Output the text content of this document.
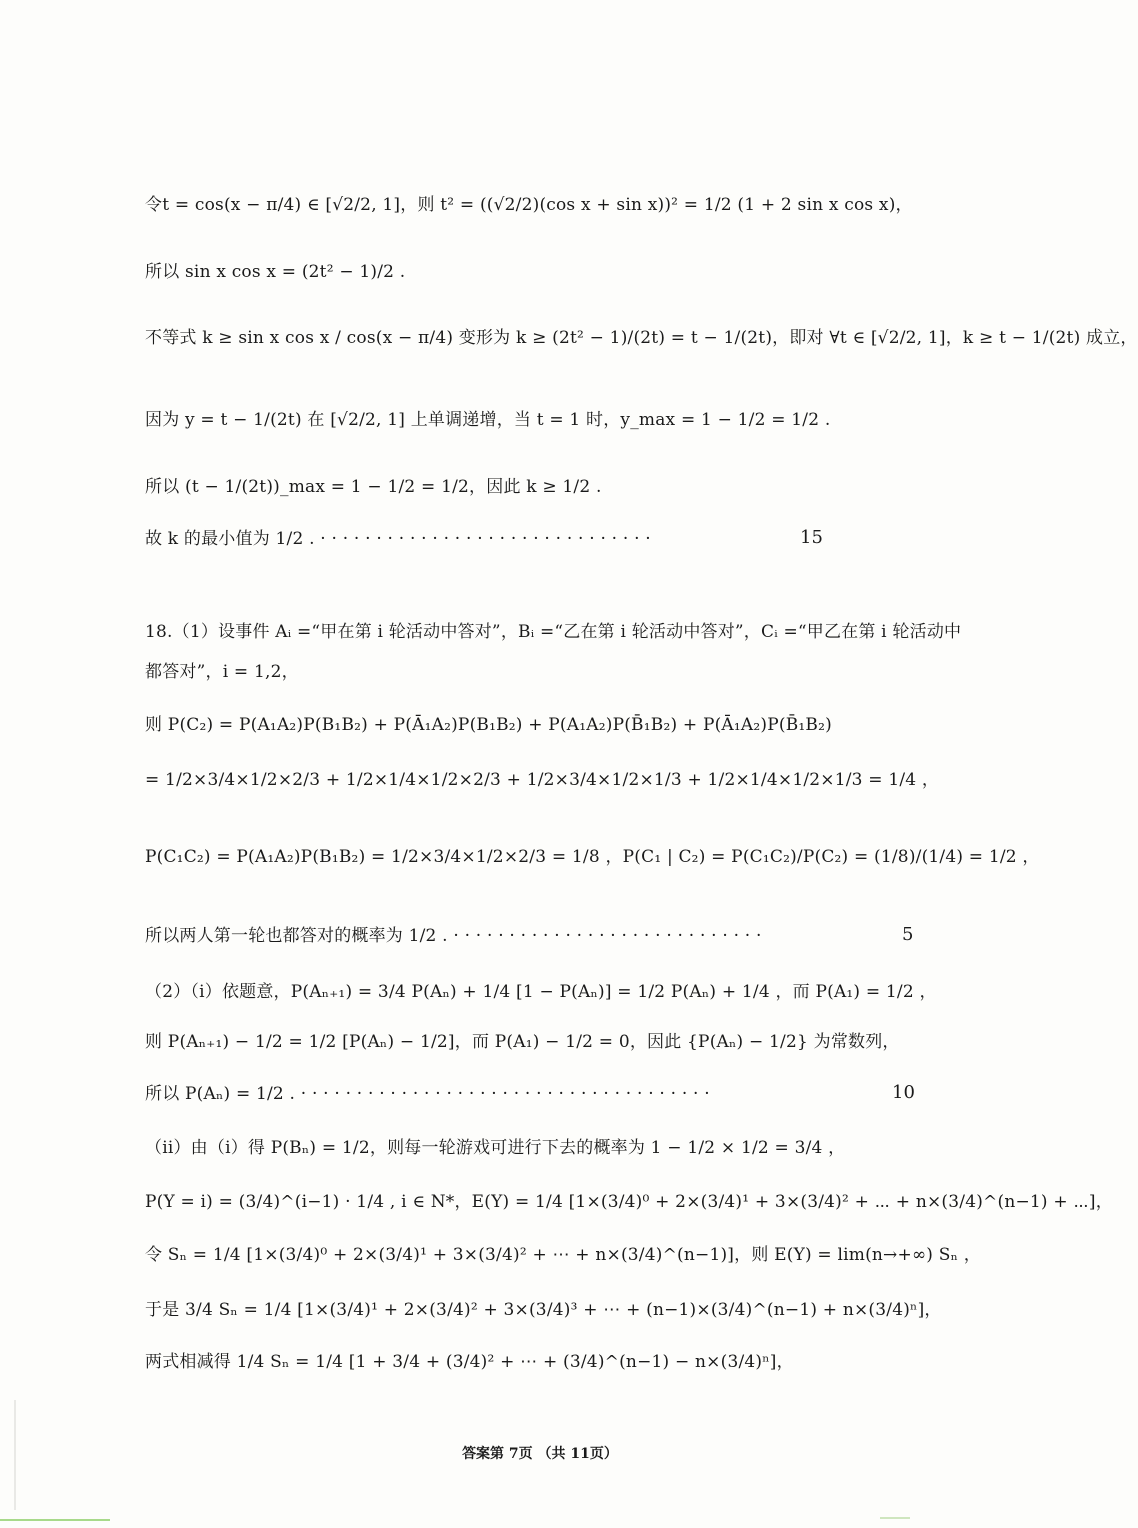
令t = cos(x − π/4) ∈ [√2/2, 1]，则 t² = ((√2/2)(cos x + sin x))² = 1/2 (1 + 2 sin x cos x)，
所以 sin x cos x = (2t² − 1)/2 .
不等式 k ≥ sin x cos x / cos(x − π/4) 变形为 k ≥ (2t² − 1)/(2t) = t − 1/(2t)，即对 ∀t ∈ [√2/2, 1]，k ≥ t − 1/(2t) 成立，
因为 y = t − 1/(2t) 在 [√2/2, 1] 上单调递增，当 t = 1 时，y_max = 1 − 1/2 = 1/2 .
所以 (t − 1/(2t))_max = 1 − 1/2 = 1/2，因此 k ≥ 1/2 .
故 k 的最小值为 1/2 . · · · · · · · · · · · · · · · · · · · · · · · · · · · · · ·	15
18.（1）设事件 Aᵢ =“甲在第 i 轮活动中答对”，Bᵢ =“乙在第 i 轮活动中答对”，Cᵢ =“甲乙在第 i 轮活动中都答对”，i = 1,2，
则 P(C₂) = P(A₁A₂)P(B₁B₂) + P(Ā₁A₂)P(B₁B₂) + P(A₁A₂)P(B̄₁B₂) + P(Ā₁A₂)P(B̄₁B₂)
= 1/2×3/4×1/2×2/3 + 1/2×1/4×1/2×2/3 + 1/2×3/4×1/2×1/3 + 1/2×1/4×1/2×1/3 = 1/4 ，
P(C₁C₂) = P(A₁A₂)P(B₁B₂) = 1/2×3/4×1/2×2/3 = 1/8 ，P(C₁ | C₂) = P(C₁C₂)/P(C₂) = (1/8)/(1/4) = 1/2 ，
所以两人第一轮也都答对的概率为 1/2 . · · · · · · · · · · · · · · · · · · · · · · · · · · · ·	5
（2）（i）依题意，P(Aₙ₊₁) = 3/4 P(Aₙ) + 1/4 [1 − P(Aₙ)] = 1/2 P(Aₙ) + 1/4 ，而 P(A₁) = 1/2 ，
则 P(Aₙ₊₁) − 1/2 = 1/2 [P(Aₙ) − 1/2]，而 P(A₁) − 1/2 = 0，因此 {P(Aₙ) − 1/2} 为常数列，
所以 P(Aₙ) = 1/2 . · · · · · · · · · · · · · · · · · · · · · · · · · · · · · · · · · · · · ·	10
（ii）由（i）得 P(Bₙ) = 1/2，则每一轮游戏可进行下去的概率为 1 − 1/2 × 1/2 = 3/4 ，
P(Y = i) = (3/4)^(i−1) · 1/4 , i ∈ N*，E(Y) = 1/4 [1×(3/4)⁰ + 2×(3/4)¹ + 3×(3/4)² + ⋯ + n×(3/4)^(n−1) + ⋯]，
令 Sₙ = 1/4 [1×(3/4)⁰ + 2×(3/4)¹ + 3×(3/4)² + ⋯ + n×(3/4)^(n−1)]，则 E(Y) = lim(n→+∞) Sₙ ，
于是 3/4 Sₙ = 1/4 [1×(3/4)¹ + 2×(3/4)² + 3×(3/4)³ + ⋯ + (n−1)×(3/4)^(n−1) + n×(3/4)ⁿ]，
两式相减得 1/4 Sₙ = 1/4 [1 + 3/4 + (3/4)² + ⋯ + (3/4)^(n−1) − n×(3/4)ⁿ]，
答案第 7页 （共 11页）
